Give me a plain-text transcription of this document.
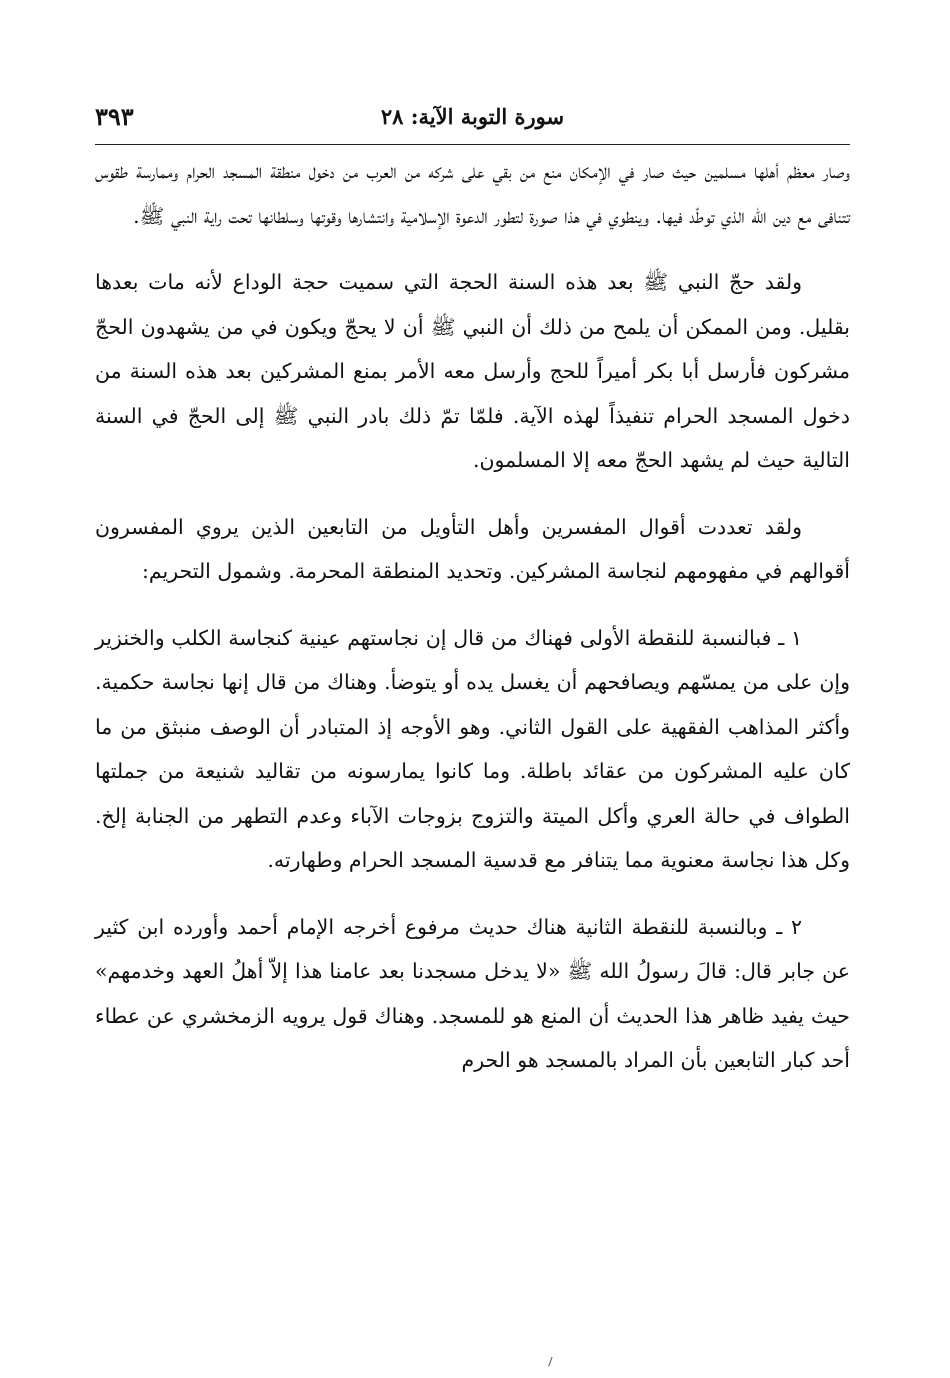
سورة التوبة الآية: ٢٨
٣٩٣

وصار معظم أهلها مسلمين حيث صار في الإمكان منع من بقي على شركه من العرب من دخول منطقة المسجد الحرام وممارسة طقوس تتنافى مع دين الله الذي توطّد فيها. وينطوي في هذا صورة لتطور الدعوة الإسلامية وانتشارها وقوتها وسلطانها تحت راية النبي ﷺ.

ولقد حجّ النبي ﷺ بعد هذه السنة الحجة التي سميت حجة الوداع لأنه مات بعدها بقليل. ومن الممكن أن يلمح من ذلك أن النبي ﷺ أن لا يحجّ ويكون في من يشهدون الحجّ مشركون فأرسل أبا بكر أميراً للحج وأرسل معه الأمر بمنع المشركين بعد هذه السنة من دخول المسجد الحرام تنفيذاً لهذه الآية. فلمّا تمّ ذلك بادر النبي ﷺ إلى الحجّ في السنة التالية حيث لم يشهد الحجّ معه إلا المسلمون.

ولقد تعددت أقوال المفسرين وأهل التأويل من التابعين الذين يروي المفسرون أقوالهم في مفهومهم لنجاسة المشركين. وتحديد المنطقة المحرمة. وشمول التحريم:

١ ـ فبالنسبة للنقطة الأولى فهناك من قال إن نجاستهم عينية كنجاسة الكلب والخنزير وإن على من يمسّهم ويصافحهم أن يغسل يده أو يتوضأ. وهناك من قال إنها نجاسة حكمية. وأكثر المذاهب الفقهية على القول الثاني. وهو الأوجه إذ المتبادر أن الوصف منبثق من ما كان عليه المشركون من عقائد باطلة. وما كانوا يمارسونه من تقاليد شنيعة من جملتها الطواف في حالة العري وأكل الميتة والتزوج بزوجات الآباء وعدم التطهر من الجنابة إلخ. وكل هذا نجاسة معنوية مما يتنافر مع قدسية المسجد الحرام وطهارته.

٢ ـ وبالنسبة للنقطة الثانية هناك حديث مرفوع أخرجه الإمام أحمد وأورده ابن كثير عن جابر قال: قالَ رسولُ الله ﷺ «لا يدخل مسجدنا بعد عامنا هذا إلاّ أهلُ العهد وخدمهم» حيث يفيد ظاهر هذا الحديث أن المنع هو للمسجد. وهناك قول يرويه الزمخشري عن عطاء أحد كبار التابعين بأن المراد بالمسجد هو الحرم
